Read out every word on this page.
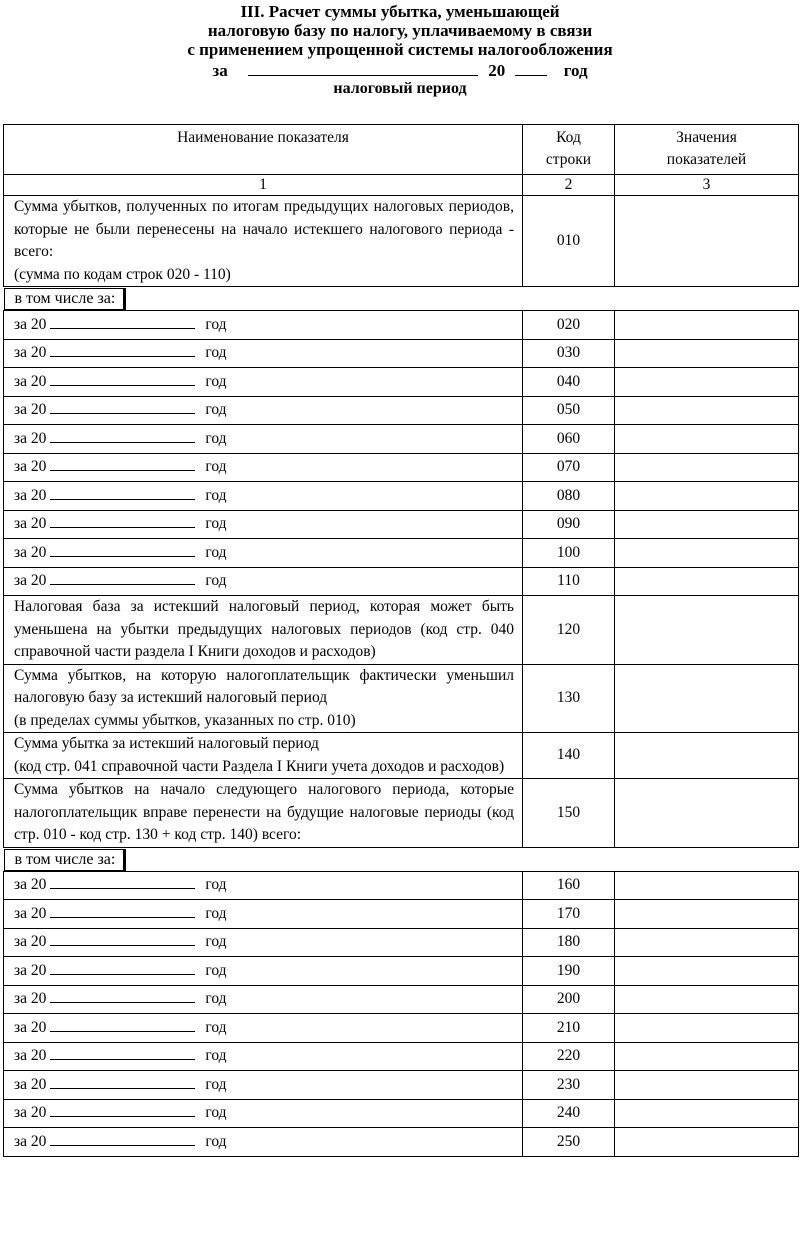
III. Расчет суммы убытка, уменьшающей
налоговую базу по налогу, уплачиваемому в связи
с применением упрощенной системы налогообложения
за	20	год
налоговый период
Наименование показателя	Код строки	Значения показателей
1	2	3
Сумма убытков, полученных по итогам предыдущих налоговых периодов, которые не были перенесены на начало истекшего налогового периода - всего:
(сумма по кодам строк 020 - 110)	010	

в том числе за:		
за 20	год	020	
за 20	год	030	
за 20	год	040	
за 20	год	050	
за 20	год	060	
за 20	год	070	
за 20	год	080	
за 20	год	090	
за 20	год	100	
за 20	год	110	
Налоговая база за истекший налоговый период, которая может быть уменьшена на убытки предыдущих налоговых периодов (код стр. 040 справочной части раздела I Книги доходов и расходов)	120	
Сумма убытков, на которую налогоплательщик фактически уменьшил налоговую базу за истекший налоговый период
(в пределах суммы убытков, указанных по стр. 010)	130	
Сумма убытка за истекший налоговый период
(код стр. 041 справочной части Раздела I Книги учета доходов и расходов)	140	
Сумма убытков на начало следующего налогового периода, которые налогоплательщик вправе перенести на будущие налоговые периоды (код стр. 010 - код стр. 130 + код стр. 140) всего:	150	

в том числе за:		
за 20	год	160	
за 20	год	170	
за 20	год	180	
за 20	год	190	
за 20	год	200	
за 20	год	210	
за 20	год	220	
за 20	год	230	
за 20	год	240	
за 20	год	250	
